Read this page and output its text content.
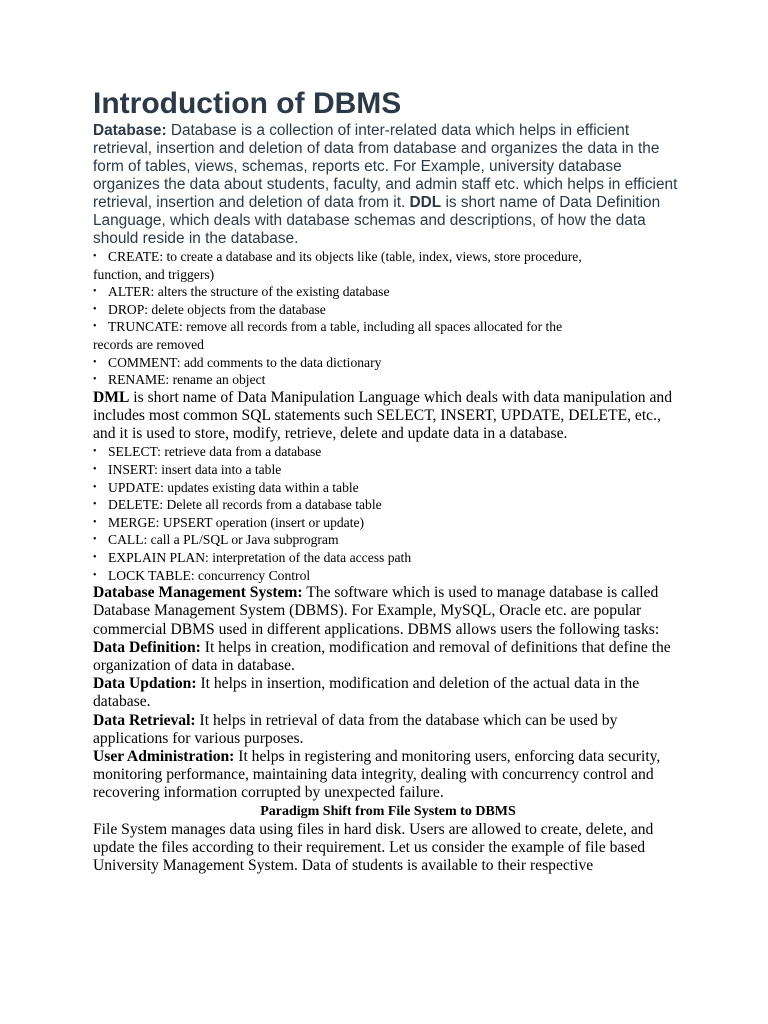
Introduction of DBMS

Database: Database is a collection of inter-related data which helps in efficient retrieval, insertion and deletion of data from database and organizes the data in the form of tables, views, schemas, reports etc. For Example, university database organizes the data about students, faculty, and admin staff etc. which helps in efficient retrieval, insertion and deletion of data from it. DDL is short name of Data Definition Language, which deals with database schemas and descriptions, of how the data should reside in the database.

• CREATE: to create a database and its objects like (table, index, views, store procedure,
function, and triggers)
• ALTER: alters the structure of the existing database
• DROP: delete objects from the database
• TRUNCATE: remove all records from a table, including all spaces allocated for the
records are removed
• COMMENT: add comments to the data dictionary
• RENAME: rename an object

DML is short name of Data Manipulation Language which deals with data manipulation and includes most common SQL statements such SELECT, INSERT, UPDATE, DELETE, etc., and it is used to store, modify, retrieve, delete and update data in a database.

• SELECT: retrieve data from a database
• INSERT: insert data into a table
• UPDATE: updates existing data within a table
• DELETE: Delete all records from a database table
• MERGE: UPSERT operation (insert or update)
• CALL: call a PL/SQL or Java subprogram
• EXPLAIN PLAN: interpretation of the data access path
• LOCK TABLE: concurrency Control

Database Management System: The software which is used to manage database is called Database Management System (DBMS). For Example, MySQL, Oracle etc. are popular commercial DBMS used in different applications. DBMS allows users the following tasks:

Data Definition: It helps in creation, modification and removal of definitions that define the organization of data in database.

Data Updation: It helps in insertion, modification and deletion of the actual data in the database.

Data Retrieval: It helps in retrieval of data from the database which can be used by applications for various purposes.

User Administration: It helps in registering and monitoring users, enforcing data security, monitoring performance, maintaining data integrity, dealing with concurrency control and recovering information corrupted by unexpected failure.

Paradigm Shift from File System to DBMS

File System manages data using files in hard disk. Users are allowed to create, delete, and update the files according to their requirement. Let us consider the example of file based University Management System. Data of students is available to their respective
